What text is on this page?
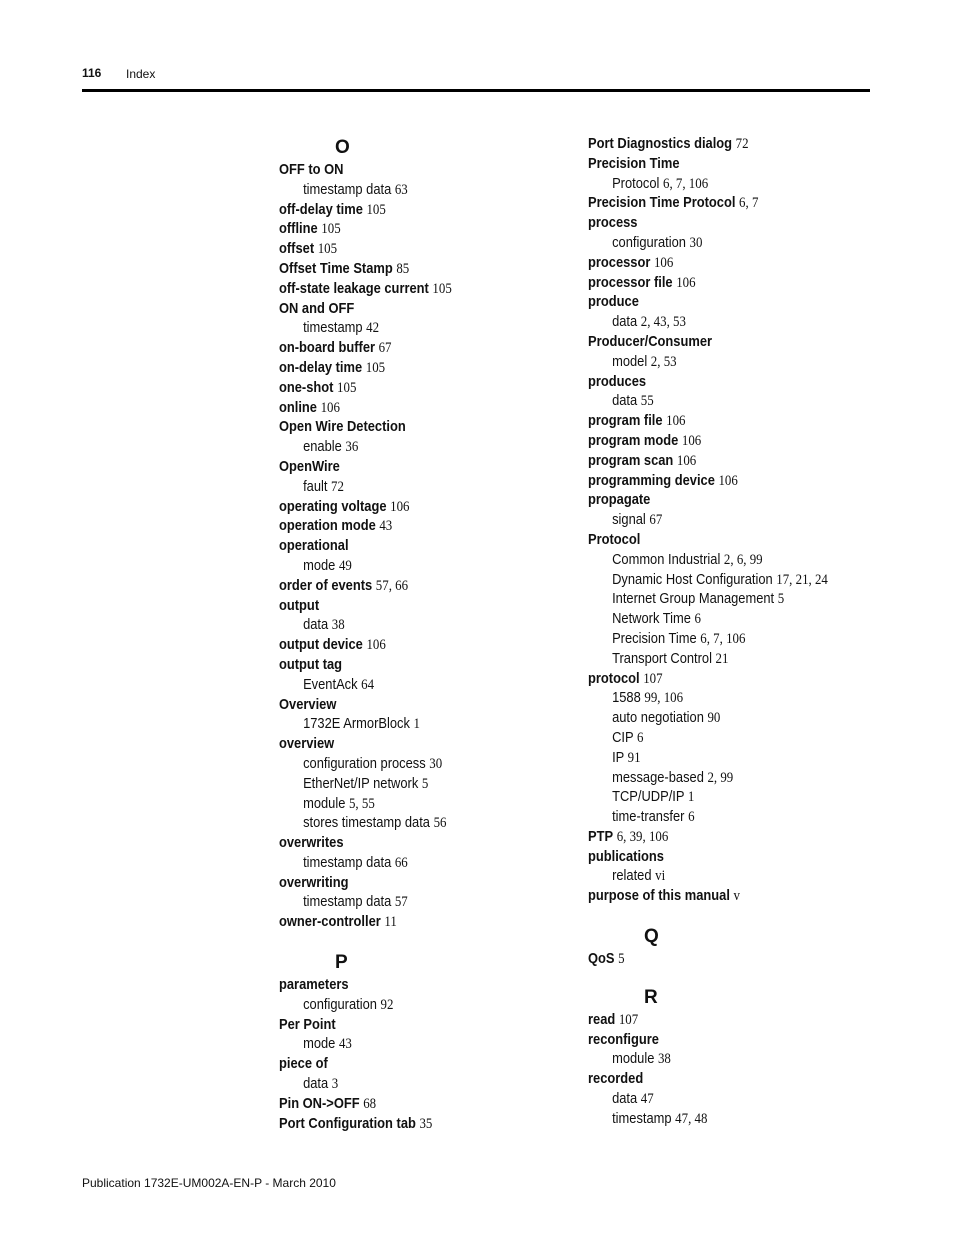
116 Index
O
OFF to ON
timestamp data 63
off-delay time 105
offline 105
offset 105
Offset Time Stamp 85
off-state leakage current 105
ON and OFF
timestamp 42
on-board buffer 67
on-delay time 105
one-shot 105
online 106
Open Wire Detection
enable 36
OpenWire
fault 72
operating voltage 106
operation mode 43
operational
mode 49
order of events 57, 66
output
data 38
output device 106
output tag
EventAck 64
Overview
1732E ArmorBlock 1
overview
configuration process 30
EtherNet/IP network 5
module 5, 55
stores timestamp data 56
overwrites
timestamp data 66
overwriting
timestamp data 57
owner-controller 11
P
parameters
configuration 92
Per Point
mode 43
piece of
data 3
Pin ON->OFF 68
Port Configuration tab 35
Port Diagnostics dialog 72
Precision Time
Protocol 6, 7, 106
Precision Time Protocol 6, 7
process
configuration 30
processor 106
processor file 106
produce
data 2, 43, 53
Producer/Consumer
model 2, 53
produces
data 55
program file 106
program mode 106
program scan 106
programming device 106
propagate
signal 67
Protocol
Common Industrial 2, 6, 99
Dynamic Host Configuration 17, 21, 24
Internet Group Management 5
Network Time 6
Precision Time 6, 7, 106
Transport Control 21
protocol 107
1588 99, 106
auto negotiation 90
CIP 6
IP 91
message-based 2, 99
TCP/UDP/IP 1
time-transfer 6
PTP 6, 39, 106
publications
related vi
purpose of this manual v
Q
QoS 5
R
read 107
reconfigure
module 38
recorded
data 47
timestamp 47, 48
Publication 1732E-UM002A-EN-P - March 2010
